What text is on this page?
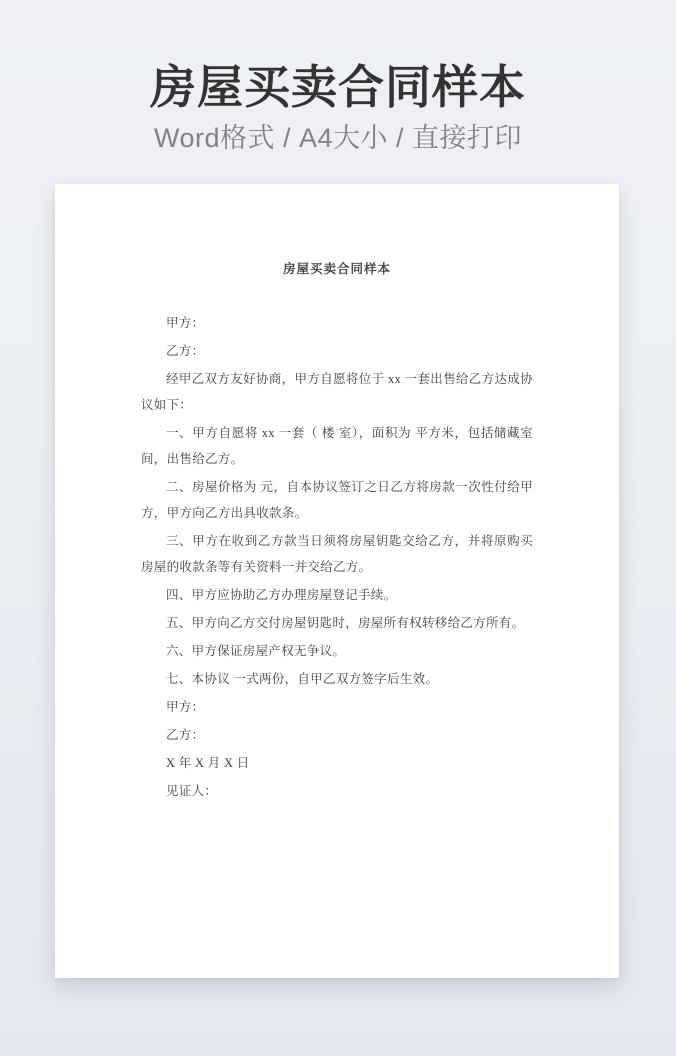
房屋买卖合同样本

Word格式 / A4大小 / 直接打印

房屋买卖合同样本

甲方：

乙方：

经甲乙双方友好协商，甲方自愿将位于 xx 一套出售给乙方达成协议如下：

一、甲方自愿将 xx 一套（ 楼 室），面积为 平方米，包括储藏室 间，出售给乙方。

二、房屋价格为 元，自本协议签订之日乙方将房款一次性付给甲方，甲方向乙方出具收款条。

三、甲方在收到乙方款当日须将房屋钥匙交给乙方，并将原购买房屋的收款条等有关资料一并交给乙方。

四、甲方应协助乙方办理房屋登记手续。

五、甲方向乙方交付房屋钥匙时，房屋所有权转移给乙方所有。

六、甲方保证房屋产权无争议。

七、本协议 一式两份，自甲乙双方签字后生效。

甲方：

乙方：

X 年 X 月 X 日

见证人：
